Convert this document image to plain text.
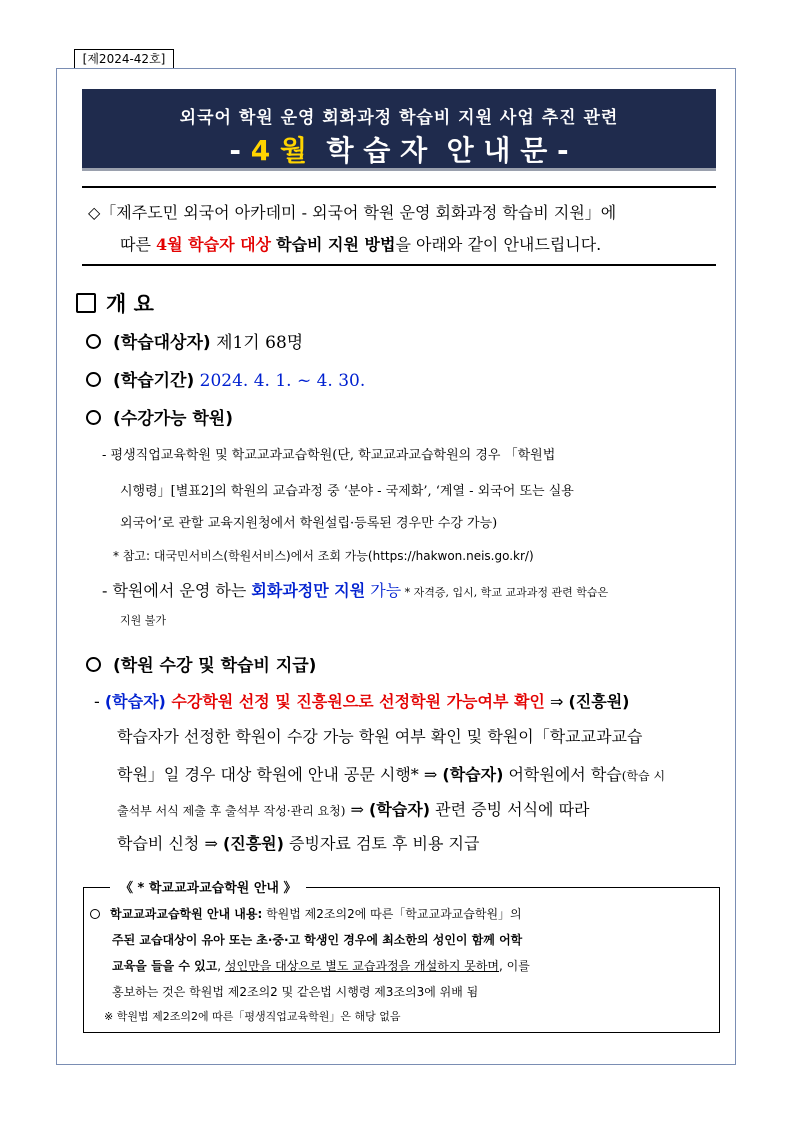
[제2024-42호]
외국어 학원 운영 회화과정 학습비 지원 사업 추진 관련
- 4 월  학 습 자  안 내 문 -
◇「제주도민 외국어 아카데미 - 외국어 학원 운영 회화과정 학습비 지원」에
따른 4월 학습자 대상 학습비 지원 방법을 아래와 같이 안내드립니다.
개 요
(학습대상자) 제1기 68명
(학습기간) 2024. 4. 1. ~ 4. 30.
(수강가능 학원)
- 평생직업교육학원 및 학교교과교습학원(단, 학교교과교습학원의 경우 「학원법
시행령」[별표2]의 학원의 교습과정 중 ‘분야 - 국제화’, ‘계열 - 외국어 또는 실용
외국어’로 관할 교육지원청에서 학원설립·등록된 경우만 수강 가능)
* 참고: 대국민서비스(학원서비스)에서 조회 가능(https://hakwon.neis.go.kr/)
- 학원에서 운영 하는 회화과정만 지원 가능 * 자격증, 입시, 학교 교과과정 관련 학습은
지원 불가
(학원 수강 및 학습비 지급)
- (학습자) 수강학원 선정 및 진흥원으로 선정학원 가능여부 확인 ⇒ (진흥원)
학습자가 선정한 학원이 수강 가능 학원 여부 확인 및 학원이「학교교과교습
학원」일 경우 대상 학원에 안내 공문 시행* ⇒ (학습자) 어학원에서 학습(학습 시
출석부 서식 제출 후 출석부 작성·관리 요청) ⇒ (학습자) 관련 증빙 서식에 따라
학습비 신청 ⇒ (진흥원) 증빙자료 검토 후 비용 지급
《 * 학교교과교습학원 안내 》
학교교과교습학원 안내 내용: 학원법 제2조의2에 따른「학교교과교습학원」의
주된 교습대상이 유아 또는 초·중·고 학생인 경우에 최소한의 성인이 함께 어학
교육을 들을 수 있고, 성인만을 대상으로 별도 교습과정을 개설하지 못하며, 이를
홍보하는 것은 학원법 제2조의2 및 같은법 시행령 제3조의3에 위배 됨
※ 학원법 제2조의2에 따른「평생직업교육학원」은 해당 없음
